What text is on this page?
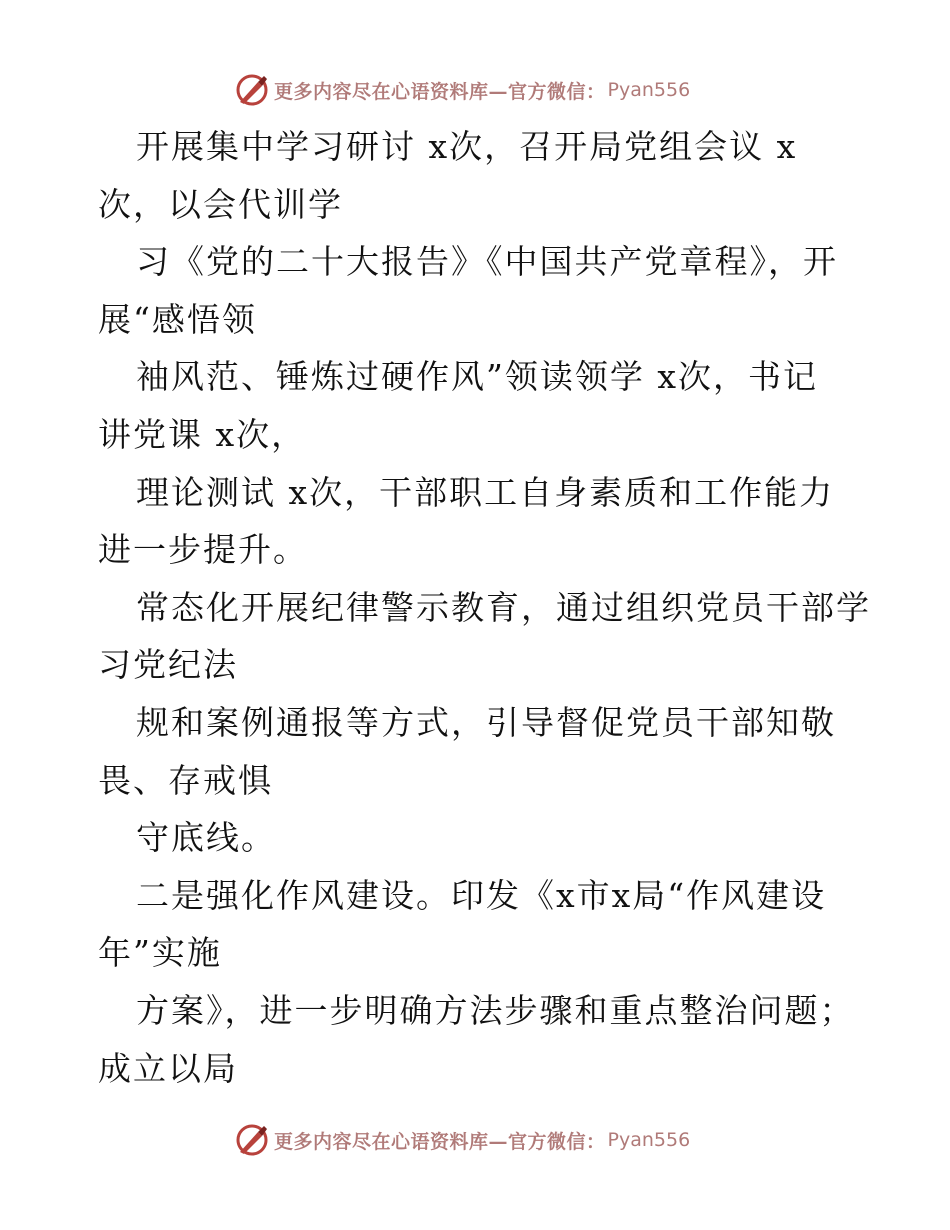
更多内容尽在心语资料库—官方微信： Pyan556
开展集中学习研讨 x次，召开局党组会议 x
次，以会代训学
习《党的二十大报告》《中国共产党章程》，开
展“感悟领
袖风范、锤炼过硬作风”领读领学 x次，书记
讲党课 x次，
理论测试 x次，干部职工自身素质和工作能力
进一步提升。
常态化开展纪律警示教育，通过组织党员干部学
习党纪法
规和案例通报等方式，引导督促党员干部知敬
畏、存戒惧
守底线。
二是强化作风建设。印发《x市x局“作风建设
年”实施
方案》，进一步明确方法步骤和重点整治问题；
成立以局
更多内容尽在心语资料库—官方微信： Pyan556
